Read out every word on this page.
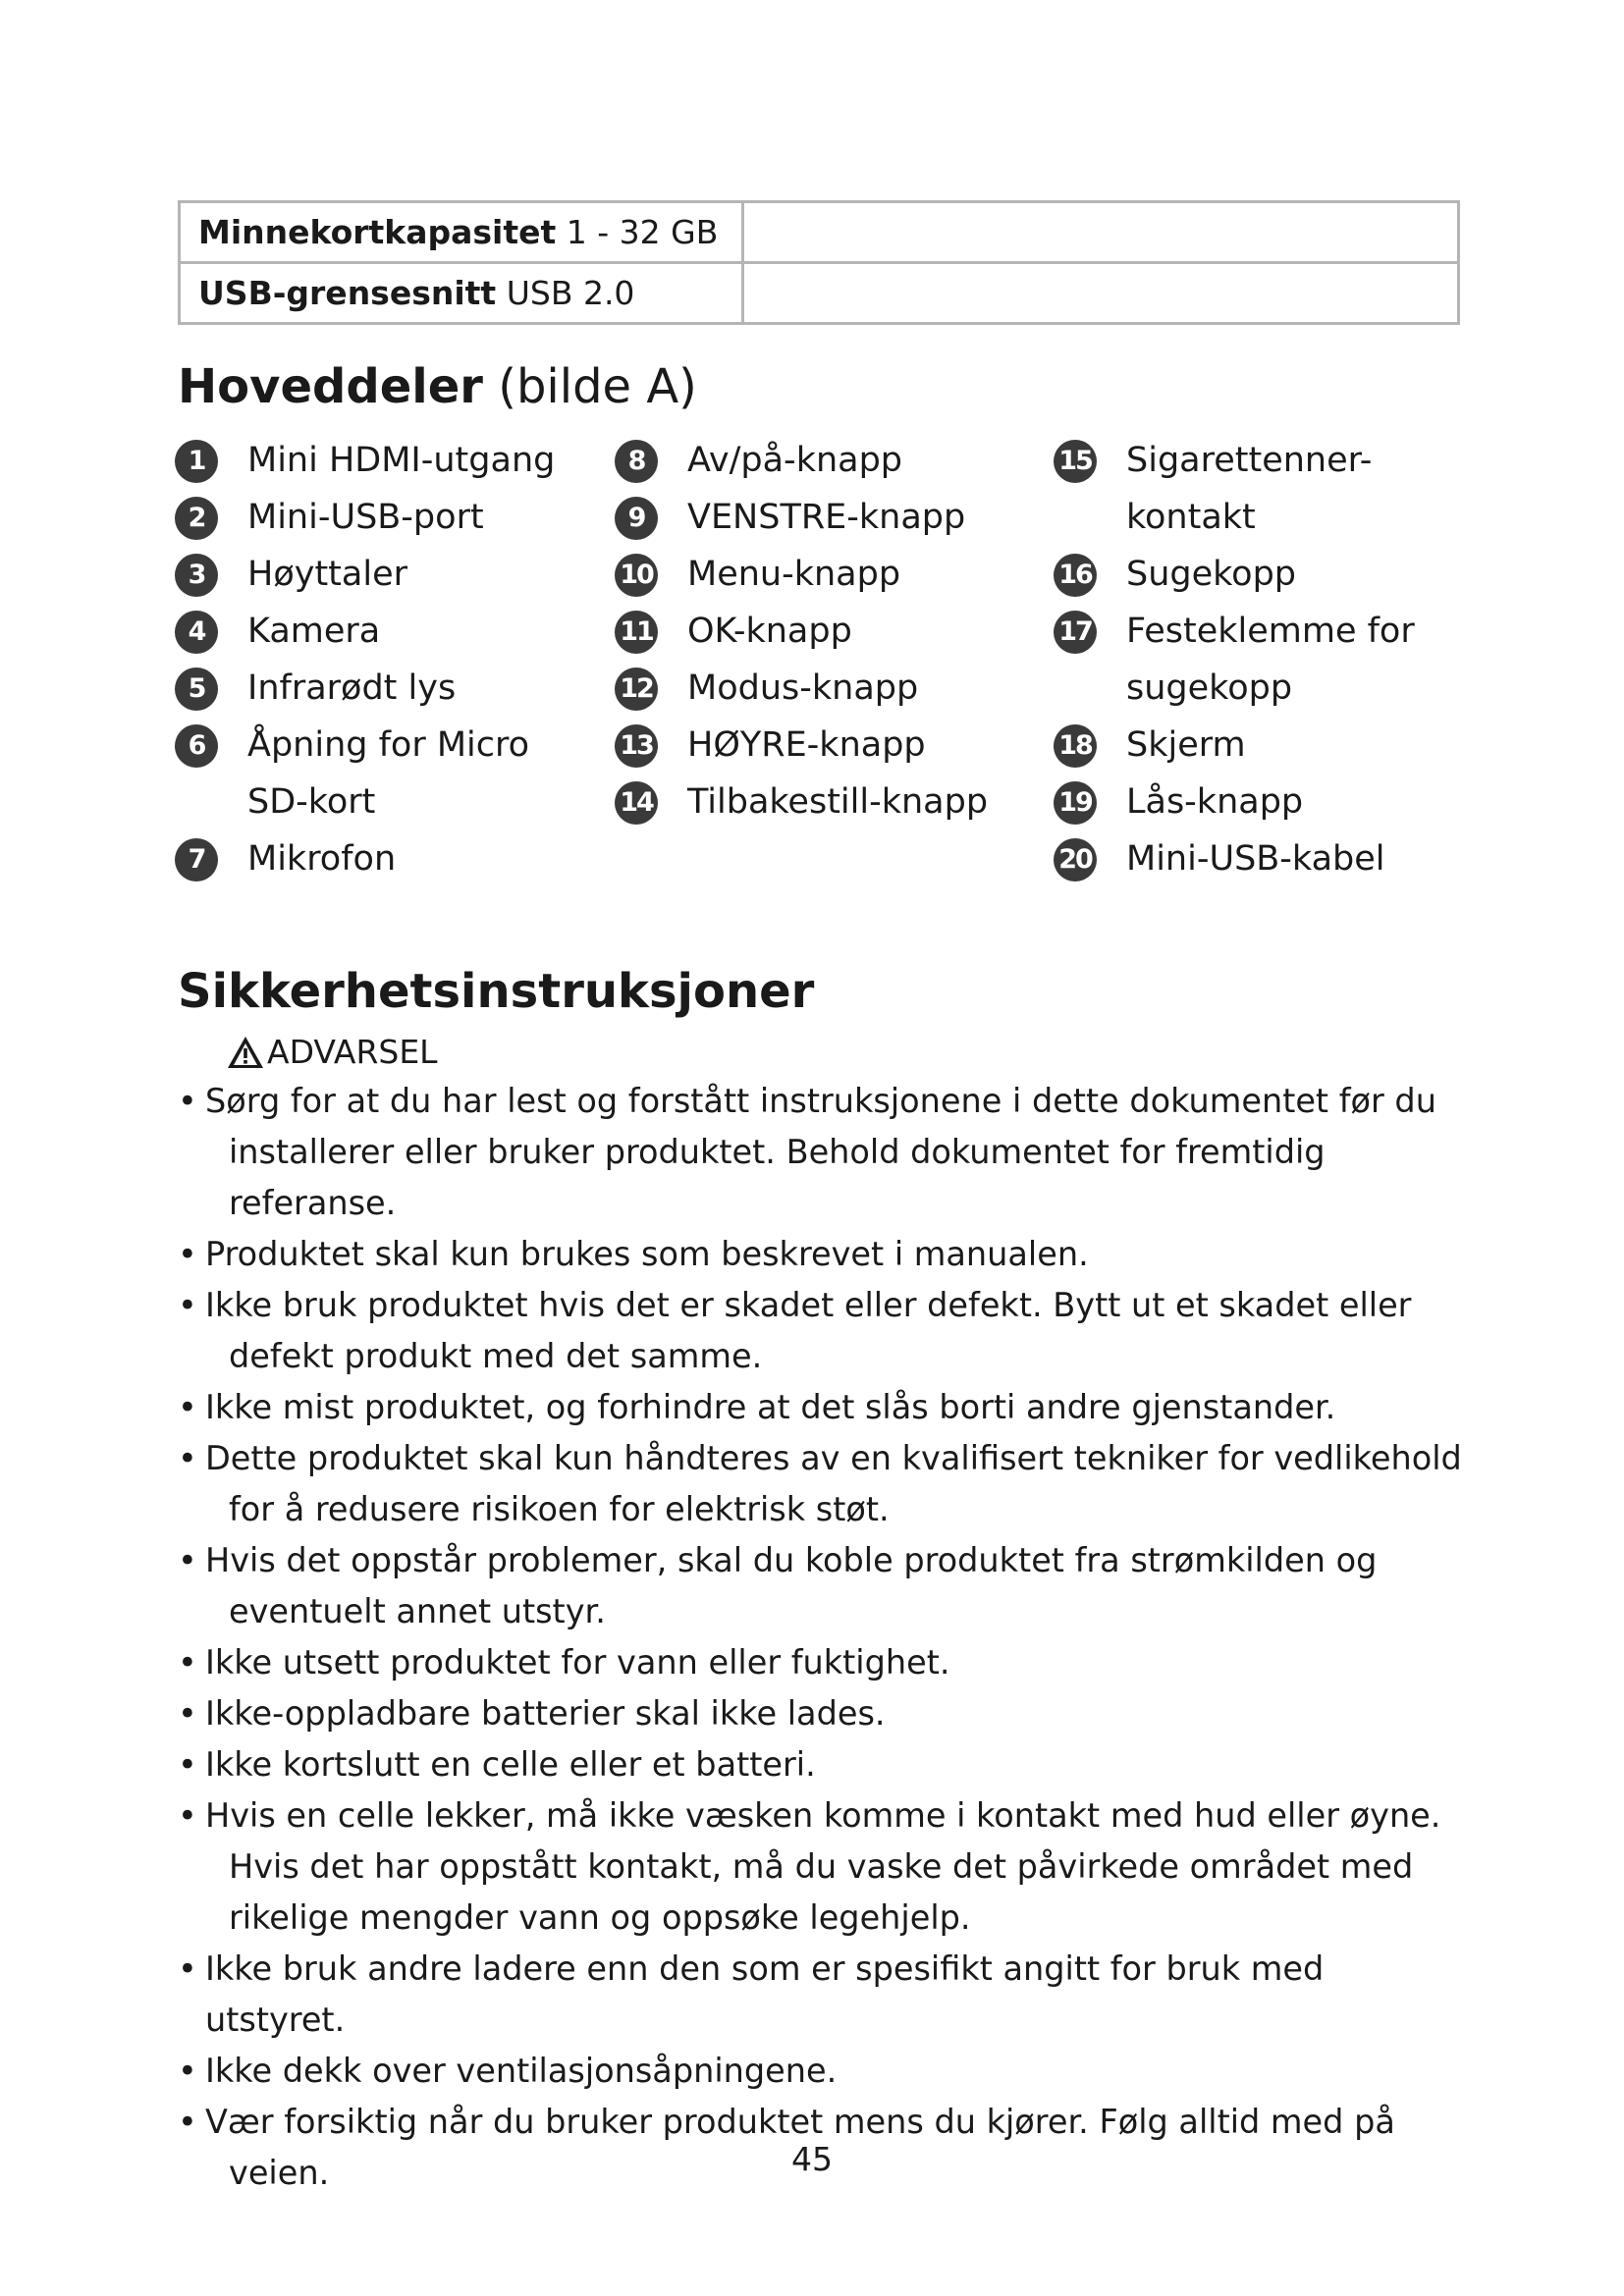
Minnekortkapasitet 1 - 32 GB	
USB-grensesnitt USB 2.0	
Hoveddeler (bilde A)
1	Mini HDMI-utgang
2	Mini-USB-port
3	Høyttaler
4	Kamera
5	Infrarødt lys
6	Åpning for Micro
SD-kort
7	Mikrofon
8	Av/på-knapp
9	VENSTRE-knapp
10 Menu-knapp
11 OK-knapp
12 Modus-knapp
13 HØYRE-knapp
14 Tilbakestill-knapp
15 Sigarettenner-
kontakt
16 Sugekopp
17 Festeklemme for
sugekopp
18 Skjerm
19 Lås-knapp
20 Mini-USB-kabel
Sikkerhetsinstruksjoner
ADVARSEL
• Sørg for at du har lest og forstått instruksjonene i dette dokumentet før du
installerer eller bruker produktet. Behold dokumentet for fremtidig referanse.
• Produktet skal kun brukes som beskrevet i manualen.
• Ikke bruk produktet hvis det er skadet eller defekt. Bytt ut et skadet eller
defekt produkt med det samme.
• Ikke mist produktet, og forhindre at det slås borti andre gjenstander.
• Dette produktet skal kun håndteres av en kvalifisert tekniker for vedlikehold
for å redusere risikoen for elektrisk støt.
• Hvis det oppstår problemer, skal du koble produktet fra strømkilden og
eventuelt annet utstyr.
• Ikke utsett produktet for vann eller fuktighet.
• Ikke-oppladbare batterier skal ikke lades.
• Ikke kortslutt en celle eller et batteri.
• Hvis en celle lekker, må ikke væsken komme i kontakt med hud eller øyne.
Hvis det har oppstått kontakt, må du vaske det påvirkede området med
rikelige mengder vann og oppsøke legehjelp.
• Ikke bruk andre ladere enn den som er spesifikt angitt for bruk med utstyret.
• Ikke dekk over ventilasjonsåpningene.
• Vær forsiktig når du bruker produktet mens du kjører. Følg alltid med på
veien.	45
